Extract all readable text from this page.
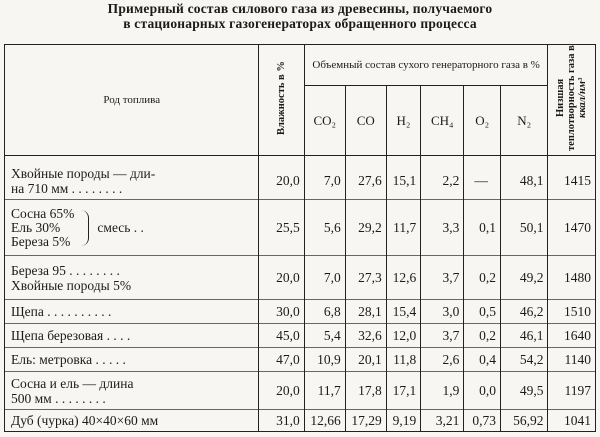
Примерный состав силового газа из древесины, получаемого
в стационарных газогенераторах обращенного процесса
Род топлива	Влажность в %	Объемный состав сухого генераторного газа в %						Низшая теплотворность газа в ккал/нм³
		CO₂	CO	H₂	CH₄	O₂	N₂	

Хвойные породы — дли-
на 710 мм . . . . . . . .	20,0	7,0	27,6	15,1	2,2	—	48,1	1415

Сосна 65%
Ель 30%
Береза 5%
смесь . .	25,5	5,6	29,2	11,7	3,3	0,1	50,1	1470

Береза 95 . . . . . . . .
Хвойные породы 5%	20,0	7,0	27,3	12,6	3,7	0,2	49,2	1480
Щепа . . . . . . . . . .	30,0	6,8	28,1	15,4	3,0	0,5	46,2	1510
Щепа березовая . . . .	45,0	5,4	32,6	12,0	3,7	0,2	46,1	1640
Ель: метровка . . . . .	47,0	10,9	20,1	11,8	2,6	0,4	54,2	1140

Сосна и ель — длина
500 мм . . . . . . . .	20,0	11,7	17,8	17,1	1,9	0,0	49,5	1197
Дуб (чурка) 40×40×60 мм	31,0	12,66	17,29	9,19	3,21	0,73	56,92	1041
